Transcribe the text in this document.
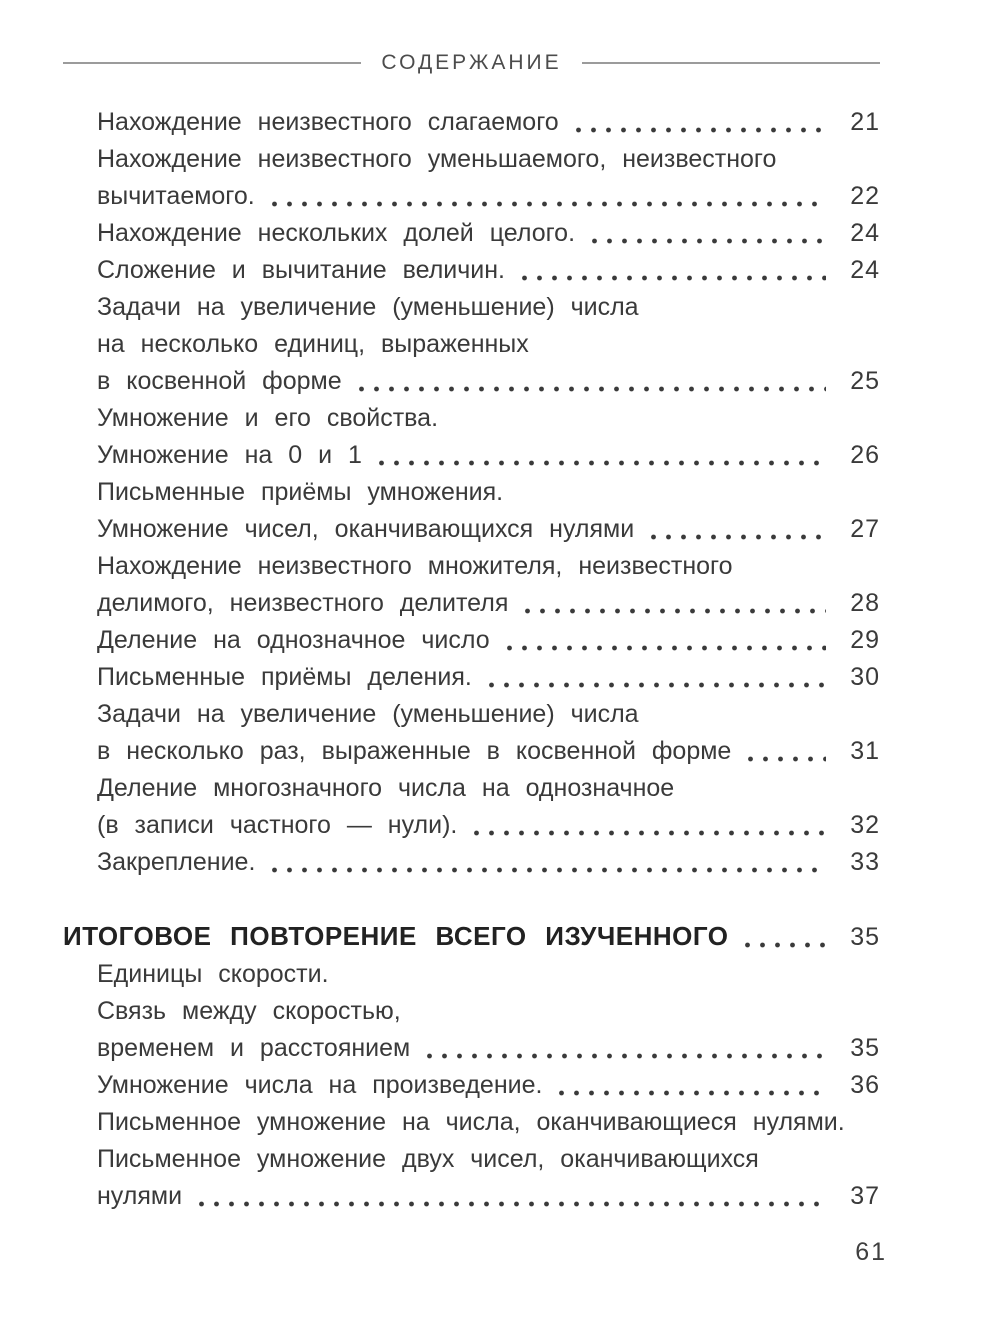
СОДЕРЖАНИЕ
Нахождение неизвестного слагаемого	21
Нахождение неизвестного уменьшаемого, неизвестного
вычитаемого.	22
Нахождение нескольких долей целого.	24
Сложение и вычитание величин.	24
Задачи на увеличение (уменьшение) числа
на несколько единиц, выраженных
в косвенной форме	25
Умножение и его свойства.
Умножение на 0 и 1	26
Письменные приёмы умножения.
Умножение чисел, оканчивающихся нулями	27
Нахождение неизвестного множителя, неизвестного
делимого, неизвестного делителя	28
Деление на однозначное число	29
Письменные приёмы деления.	30
Задачи на увеличение (уменьшение) числа
в несколько раз, выраженные в косвенной форме	31
Деление многозначного числа на однозначное
(в записи частного — нули).	32
Закрепление.	33
ИТОГОВОЕ ПОВТОРЕНИЕ ВСЕГО ИЗУЧЕННОГО	35
Единицы скорости.
Связь между скоростью,
временем и расстоянием	35
Умножение числа на произведение.	36
Письменное умножение на числа, оканчивающиеся нулями.
Письменное умножение двух чисел, оканчивающихся
нулями	37
61
